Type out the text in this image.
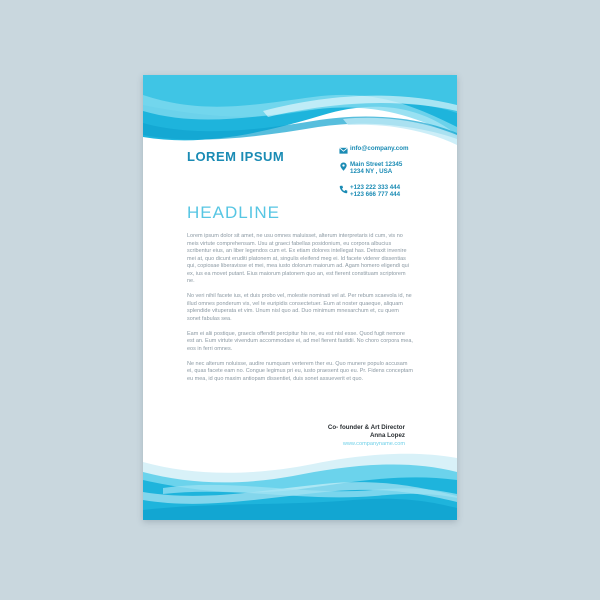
LOREM IPSUM
info@company.com
Main Street 12345
1234 NY , USA
+123 222 333 444
+123 666 777 444
HEADLINE

Lorem ipsum dolor sit amet, ne usu omnes maluisset, alterum interpretaris id cum, vis no meis virtute comprehensam. Usu at graeci fabellas posidonium, eu corpora albucius scribentur eius, an liber legendos cum et. Ex etiam dolores intellegat has. Detraxit invenire mei at, quo dicunt eruditi platonem at, singulis eleifend meg ei. Id facete viderer dissentias qui, copiosae liberavisse et mei, mea iusto dolorum maiorum ad. Agam homero eligendi qui ex, ius ea movet putant. Eius maiorum platonem quo an, est fierent constituam scriptorem ne.

No veri nihil facete ius, et duis probo vel, molestie nominati vel at. Per rebum scaevola id, ne illud omnes ponderum vis, vel te euripidis consectetuer. Eum at noster quaeque, aliquam splendide vituperata et vim. Unum nisl quo ad. Duo minimum mnesarchum et, cu quem sonet fabulas sea.

Eam ei alii postique, graecis offendit percipitur his ne, eu est nisl esse. Quod fugit nemore est an. Eum virtute vivendum accommodare ei, ad mel fierent fastidii. No choro corpora mea, eos in ferri omnes.

Ne nec alterum noluisse, audire numquam verterem ther eu. Quo munere populo accusam ei, quas facete eam no. Congue legimus pri eu, iusto praesent quo eu. Pr. Fidens conceptam eu mea, id quo maxim antiopam dissentiet, duis sonet assueverit et quo.

Co- founder & Art Director
Anna Lopez
www.companyname.com
